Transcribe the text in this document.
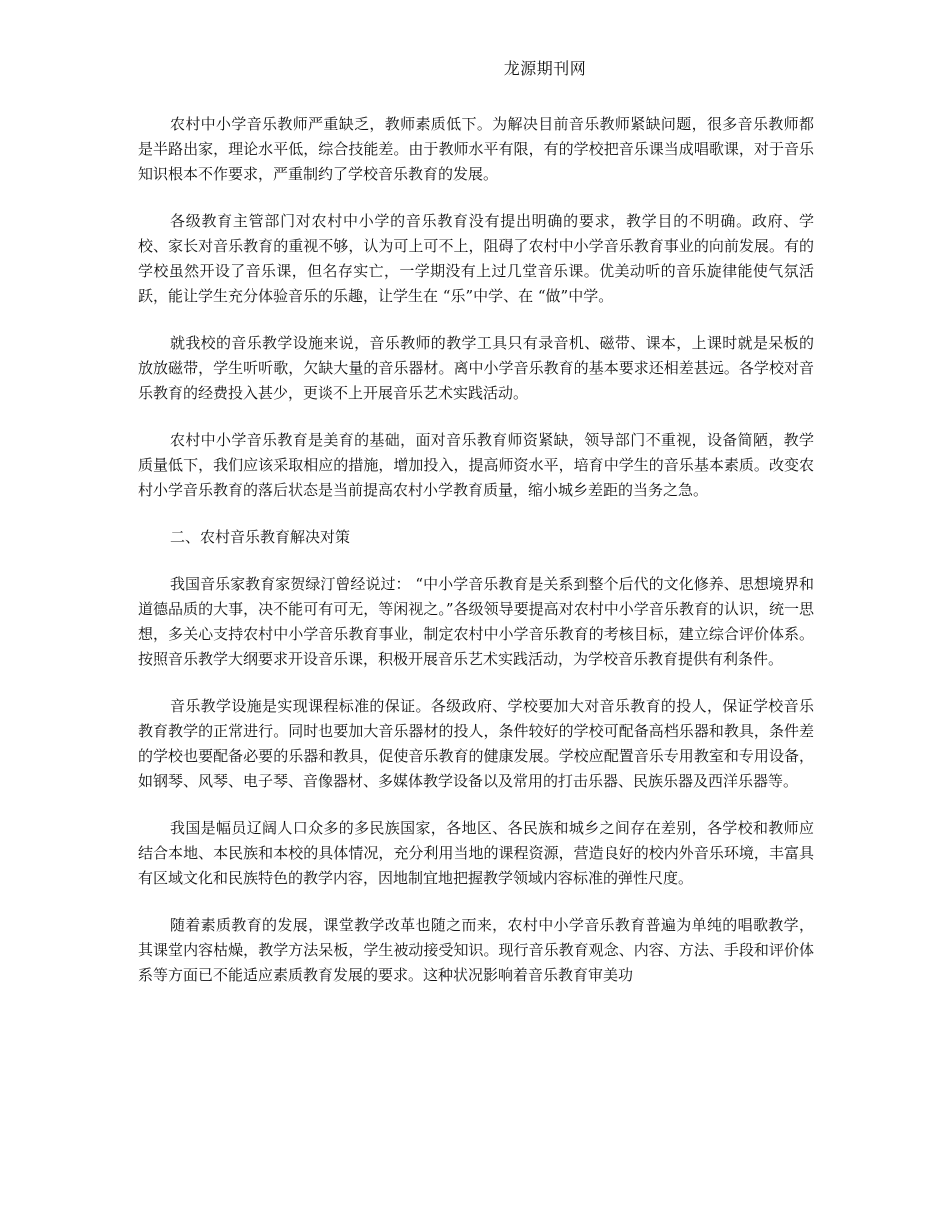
龙源期刊网

农村中小学音乐教师严重缺乏，教师素质低下。为解决目前音乐教师紧缺问题，很多音乐教师都是半路出家，理论水平低，综合技能差。由于教师水平有限，有的学校把音乐课当成唱歌课，对于音乐知识根本不作要求，严重制约了学校音乐教育的发展。

各级教育主管部门对农村中小学的音乐教育没有提出明确的要求，教学目的不明确。政府、学校、家长对音乐教育的重视不够，认为可上可不上，阻碍了农村中小学音乐教育事业的向前发展。有的学校虽然开设了音乐课，但名存实亡，一学期没有上过几堂音乐课。优美动听的音乐旋律能使气氛活跃，能让学生充分体验音乐的乐趣，让学生在 “乐”中学、在 “做”中学。

就我校的音乐教学设施来说，音乐教师的教学工具只有录音机、磁带、课本，上课时就是呆板的放放磁带，学生听听歌，欠缺大量的音乐器材。离中小学音乐教育的基本要求还相差甚远。各学校对音乐教育的经费投入甚少，更谈不上开展音乐艺术实践活动。

农村中小学音乐教育是美育的基础，面对音乐教育师资紧缺，领导部门不重视，设备简陋，教学质量低下，我们应该采取相应的措施，增加投入，提高师资水平，培育中学生的音乐基本素质。改变农村小学音乐教育的落后状态是当前提高农村小学教育质量，缩小城乡差距的当务之急。

二、农村音乐教育解决对策

我国音乐家教育家贺绿汀曾经说过： “中小学音乐教育是关系到整个后代的文化修养、思想境界和道德品质的大事，决不能可有可无，等闲视之。”各级领导要提高对农村中小学音乐教育的认识，统一思想，多关心支持农村中小学音乐教育事业，制定农村中小学音乐教育的考核目标，建立综合评价体系。按照音乐教学大纲要求开设音乐课，积极开展音乐艺术实践活动，为学校音乐教育提供有利条件。

音乐教学设施是实现课程标准的保证。各级政府、学校要加大对音乐教育的投人，保证学校音乐教育教学的正常进行。同时也要加大音乐器材的投人，条件较好的学校可配备高档乐器和教具，条件差的学校也要配备必要的乐器和教具，促使音乐教育的健康发展。学校应配置音乐专用教室和专用设备，如钢琴、风琴、电子琴、音像器材、多媒体教学设备以及常用的打击乐器、民族乐器及西洋乐器等。

我国是幅员辽阔人口众多的多民族国家，各地区、各民族和城乡之间存在差别，各学校和教师应结合本地、本民族和本校的具体情况，充分利用当地的课程资源，营造良好的校内外音乐环境，丰富具有区域文化和民族特色的教学内容，因地制宜地把握教学领域内容标准的弹性尺度。

随着素质教育的发展，课堂教学改革也随之而来，农村中小学音乐教育普遍为单纯的唱歌教学，其课堂内容枯燥，教学方法呆板，学生被动接受知识。现行音乐教育观念、内容、方法、手段和评价体系等方面已不能适应素质教育发展的要求。这种状况影响着音乐教育审美功
